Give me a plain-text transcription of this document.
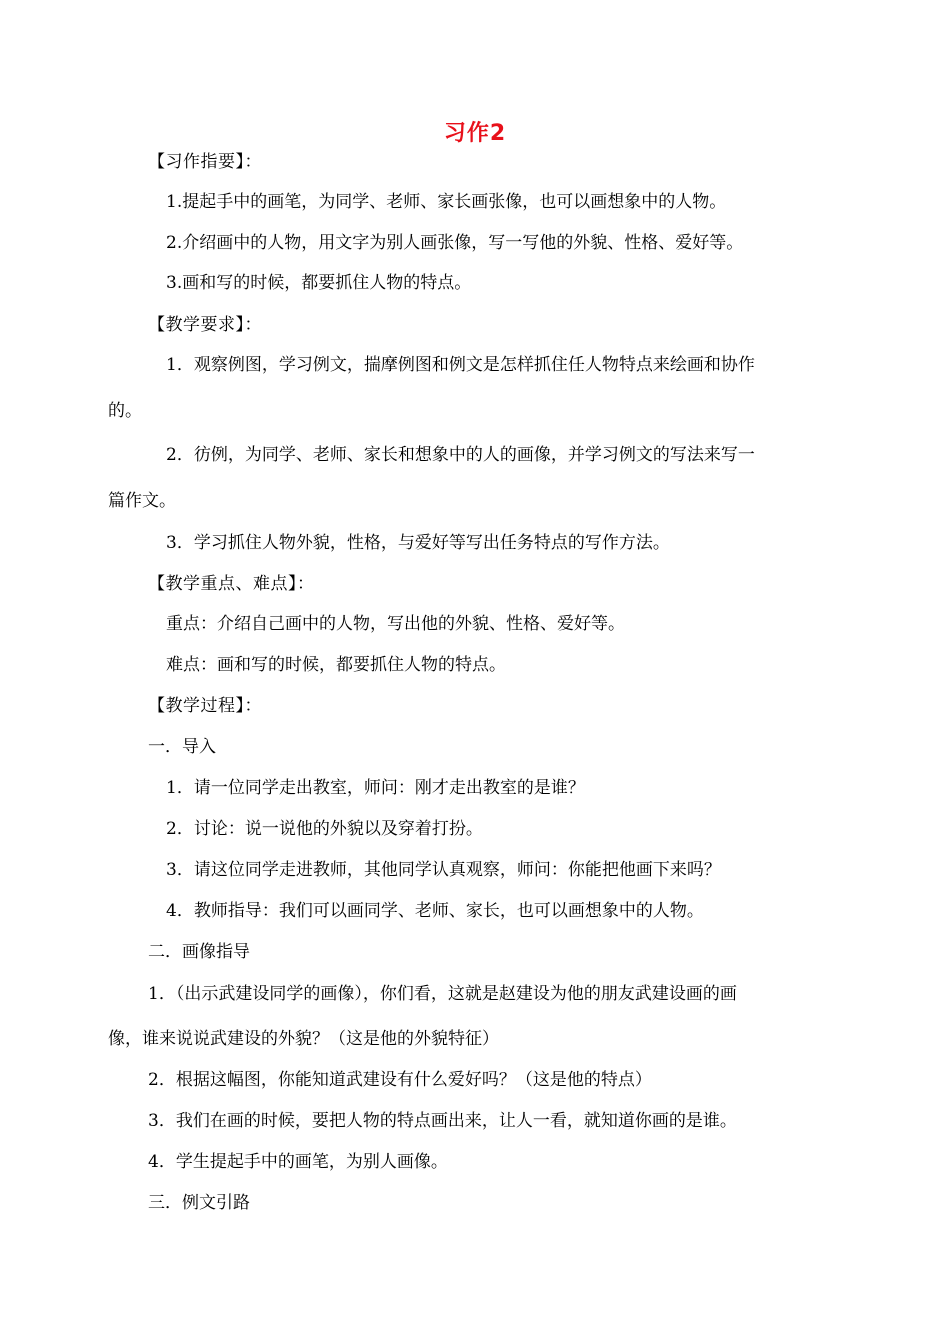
习作2
【习作指要】：
1.提起手中的画笔，为同学、老师、家长画张像，也可以画想象中的人物。
2.介绍画中的人物，用文字为别人画张像，写一写他的外貌、性格、爱好等。
3.画和写的时候，都要抓住人物的特点。
【教学要求】：
1．观察例图，学习例文，揣摩例图和例文是怎样抓住任人物特点来绘画和协作
的。
2．彷例，为同学、老师、家长和想象中的人的画像，并学习例文的写法来写一
篇作文。
3．学习抓住人物外貌，性格，与爱好等写出任务特点的写作方法。
【教学重点、难点】：
重点：介绍自己画中的人物，写出他的外貌、性格、爱好等。
难点：画和写的时候，都要抓住人物的特点。
【教学过程】：
一．导入
1．请一位同学走出教室，师问：刚才走出教室的是谁？
2．讨论：说一说他的外貌以及穿着打扮。
3．请这位同学走进教师，其他同学认真观察，师问：你能把他画下来吗？
4．教师指导：我们可以画同学、老师、家长，也可以画想象中的人物。
二．画像指导
1．（出示武建设同学的画像），你们看，这就是赵建设为他的朋友武建设画的画
像，谁来说说武建设的外貌？（这是他的外貌特征）
2．根据这幅图，你能知道武建设有什么爱好吗？（这是他的特点）
3．我们在画的时候，要把人物的特点画出来，让人一看，就知道你画的是谁。
4．学生提起手中的画笔，为别人画像。
三．例文引路
